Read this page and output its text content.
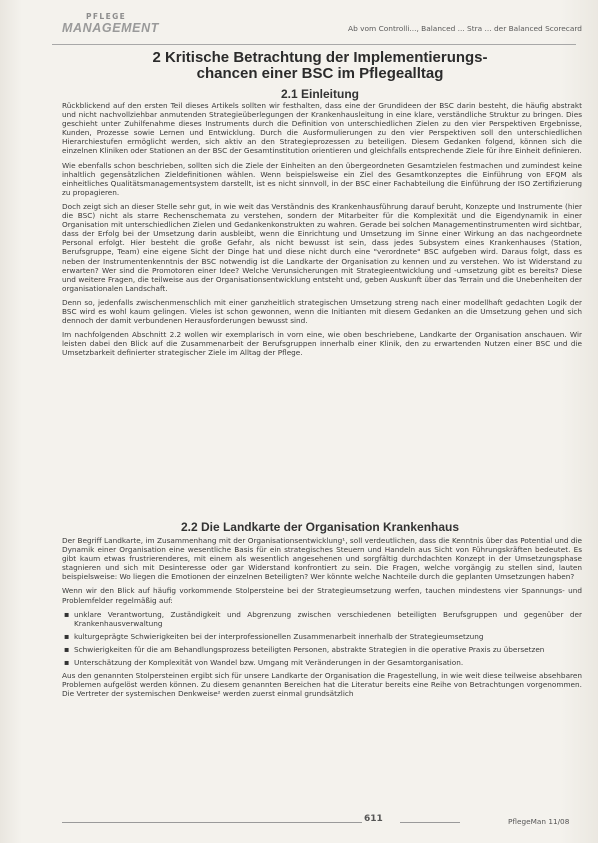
PFLEGE
MANAGEMENT	Ab vom Controlli..., Balanced ... Stra ... der Balanced Scorecard
2 Kritische Betrachtung der Implementierungs-
chancen einer BSC im Pflegealltag
2.1 Einleitung

Rückblickend auf den ersten Teil dieses Artikels sollten wir festhalten, dass eine der Grundideen der BSC darin besteht, die häufig abstrakt und nicht nachvollziehbar anmutenden Strategieüberlegungen der Krankenhausleitung in eine klare, verständliche Struktur zu bringen. Dies geschieht unter Zuhilfenahme dieses Instruments durch die Definition von unterschiedlichen Zielen zu den vier Perspektiven Ergebnisse, Kunden, Prozesse sowie Lernen und Entwicklung. Durch die Ausformulierungen zu den vier Perspektiven soll den unterschiedlichen Hierarchiestufen ermöglicht werden, sich aktiv an den Strategieprozessen zu beteiligen. Diesem Gedanken folgend, können sich die einzelnen Kliniken oder Stationen an der BSC der Gesamtinstitution orientieren und gleichfalls entsprechende Ziele für ihre Einheit definieren.

Wie ebenfalls schon beschrieben, sollten sich die Ziele der Einheiten an den übergeordneten Gesamtzielen festmachen und zumindest keine inhaltlich gegensätzlichen Zieldefinitionen wählen. Wenn beispielsweise ein Ziel des Gesamtkonzeptes die Einführung von EFQM als einheitliches Qualitätsmanagementsystem darstellt, ist es nicht sinnvoll, in der BSC einer Fachabteilung die Einführung der ISO Zertifizierung zu propagieren.

Doch zeigt sich an dieser Stelle sehr gut, in wie weit das Verständnis des Krankenhausführung darauf beruht, Konzepte und Instrumente (hier die BSC) nicht als starre Rechenschemata zu verstehen, sondern der Mitarbeiter für die Komplexität und die Eigendynamik in einer Organisation mit unterschiedlichen Zielen und Gedankenkonstrukten zu wahren. Gerade bei solchen Managementinstrumenten wird sichtbar, dass der Erfolg bei der Umsetzung darin ausbleibt, wenn die Einrichtung und Umsetzung im Sinne einer Wirkung an das nachgeordnete Personal erfolgt. Hier besteht die große Gefahr, als nicht bewusst ist sein, dass jedes Subsystem eines Krankenhauses (Station, Berufsgruppe, Team) eine eigene Sicht der Dinge hat und diese nicht durch eine "verordnete" BSC aufgeben wird. Daraus folgt, dass es neben der Instrumentenkenntnis der BSC notwendig ist die Landkarte der Organisation zu kennen und zu verstehen. Wo ist Widerstand zu erwarten? Wer sind die Promotoren einer Idee? Welche Verunsicherungen mit Strategieentwicklung und -umsetzung gibt es bereits? Diese und weitere Fragen, die teilweise aus der Organisationsentwicklung entsteht und, geben Auskunft über das Terrain und die Unebenheiten der organisationalen Landschaft.

Denn so, jedenfalls zwischenmenschlich mit einer ganzheitlich strategischen Umsetzung streng nach einer modellhaft gedachten Logik der BSC wird es wohl kaum gelingen. Vieles ist schon gewonnen, wenn die Initianten mit diesem Gedanken an die Umsetzung gehen und sich dennoch der damit verbundenen Herausforderungen bewusst sind.

Im nachfolgenden Abschnitt 2.2 wollen wir exemplarisch in vorn eine, wie oben beschriebene, Landkarte der Organisation anschauen. Wir leisten dabei den Blick auf die Zusammenarbeit der Berufsgruppen innerhalb einer Klinik, den zu erwartenden Nutzen einer BSC und die Umsetzbarkeit definierter strategischer Ziele im Alltag der Pflege.

2.2 Die Landkarte der Organisation Krankenhaus

Der Begriff Landkarte, im Zusammenhang mit der Organisationsentwicklung¹, soll verdeutlichen, dass die Kenntnis über das Potential und die Dynamik einer Organisation eine wesentliche Basis für ein strategisches Steuern und Handeln aus Sicht von Führungskräften bedeutet. Es gibt kaum etwas frustrierenderes, mit einem als wesentlich angesehenen und sorgfältig durchdachten Konzept in der Umsetzungsphase stagnieren und sich mit Desinteresse oder gar Widerstand konfrontiert zu sein. Die Fragen, welche vorgängig zu stellen sind, lauten beispielsweise: Wo liegen die Emotionen der einzelnen Beteiligten? Wer könnte welche Nachteile durch die geplanten Umsetzungen haben?

Wenn wir den Blick auf häufig vorkommende Stolpersteine bei der Strategieumsetzung werfen, tauchen mindestens vier Spannungs- und Problemfelder regelmäßig auf:

▪ unklare Verantwortung, Zuständigkeit und Abgrenzung zwischen verschiedenen beteiligten Berufsgruppen und gegenüber der Krankenhausverwaltung
▪ kulturgeprägte Schwierigkeiten bei der interprofessionellen Zusammenarbeit innerhalb der Strategieumsetzung
▪ Schwierigkeiten für die am Behandlungsprozess beteiligten Personen, abstrakte Strategien in die operative Praxis zu übersetzen
▪ Unterschätzung der Komplexität von Wandel bzw. Umgang mit Veränderungen in der Gesamtorganisation.

Aus den genannten Stolpersteinen ergibt sich für unsere Landkarte der Organisation die Fragestellung, in wie weit diese teilweise absehbaren Problemen aufgelöst werden können. Zu diesem genannten Bereichen hat die Literatur bereits eine Reihe von Betrachtungen vorgenommen. Die Vertreter der systemischen Denkweise² werden zuerst einmal grundsätzlich

611	PflegeMan 11/08
